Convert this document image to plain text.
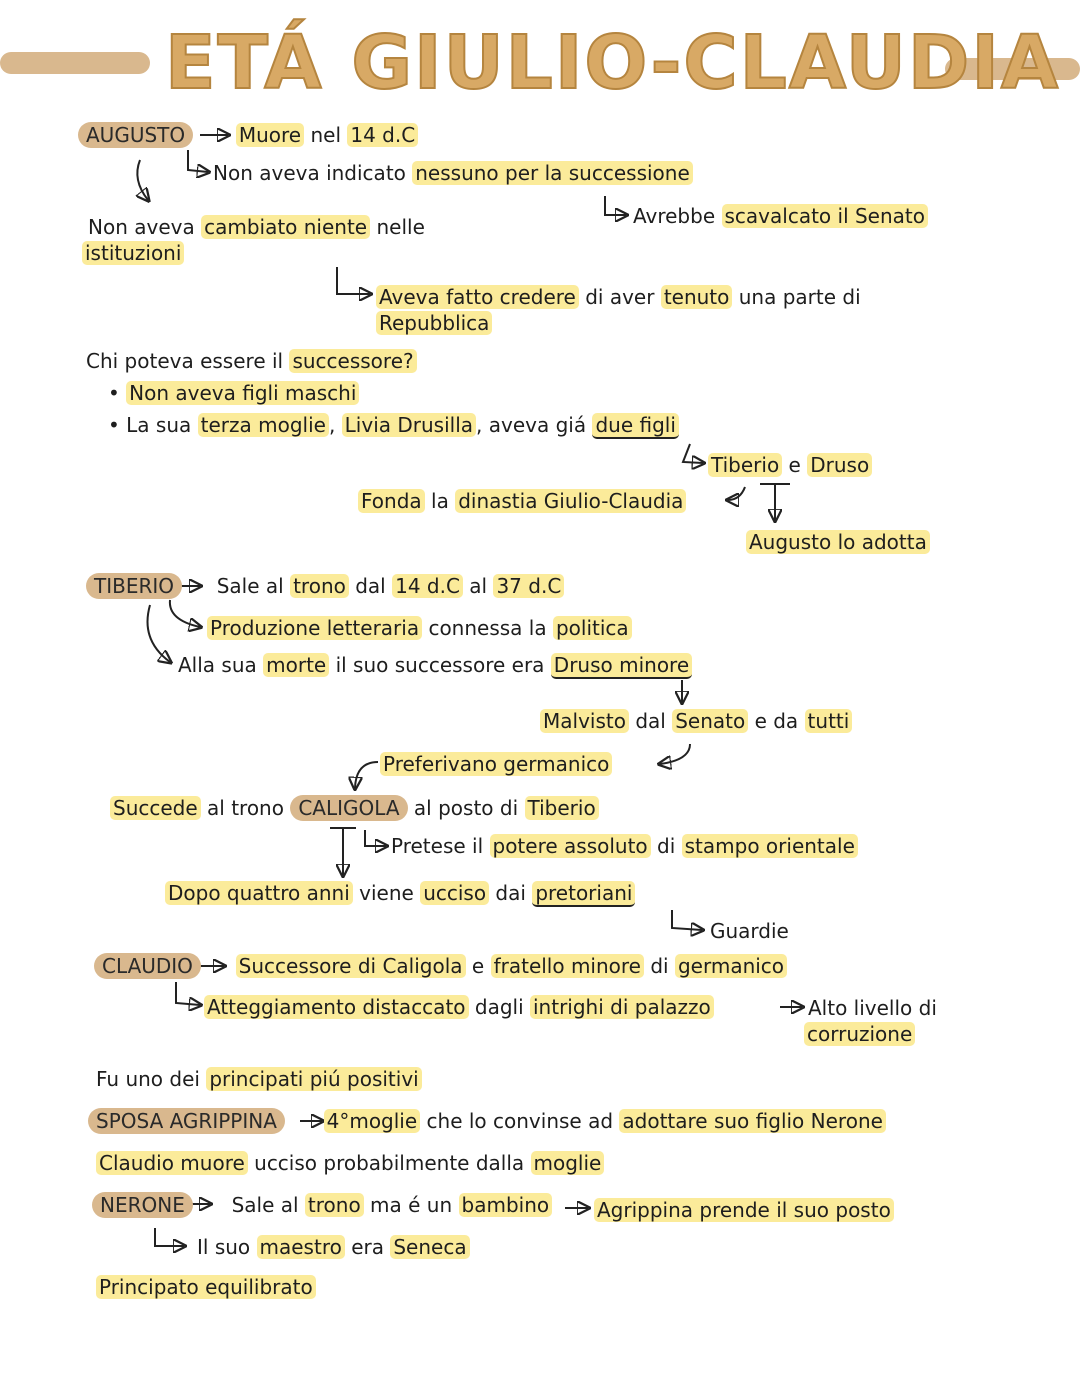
ETÁ GIULIO-CLAUDIA
AUGUSTO	Muore nel 14 d.C
Non aveva indicato nessuno per la successione
Avrebbe scavalcato il Senato
Non aveva cambiato niente nelle
istituzioni
Aveva fatto credere di aver tenuto una parte di
Repubblica
Chi poteva essere il successore?
• Non aveva figli maschi
• La sua terza moglie , Livia Drusilla , aveva giá due figli
Tiberio e Druso
Fonda la dinastia Giulio-Claudia
Augusto lo adotta
TIBERIO Sale al trono dal 14 d.C al 37 d.C
Produzione letteraria connessa la politica
Alla sua morte il suo successore era Druso minore
Malvisto dal Senato e da tutti
Preferivano germanico
Succede al trono CALIGOLA al posto di Tiberio
Pretese il potere assoluto di stampo orientale
Dopo quattro anni viene ucciso dai pretoriani
Guardie
CLAUDIO Successore di Caligola e fratello minore di germanico
Atteggiamento distaccato dagli intrighi di palazzo	Alto livello di
corruzione
Fu uno dei principati piú positivi
SPOSA AGRIPPINA 4°moglie che lo convinse ad adottare suo figlio Nerone
Claudio muore ucciso probabilmente dalla moglie
NERONE Sale al trono ma é un bambino Agrippina prende il suo posto
Il suo maestro era Seneca
Principato equilibrato
